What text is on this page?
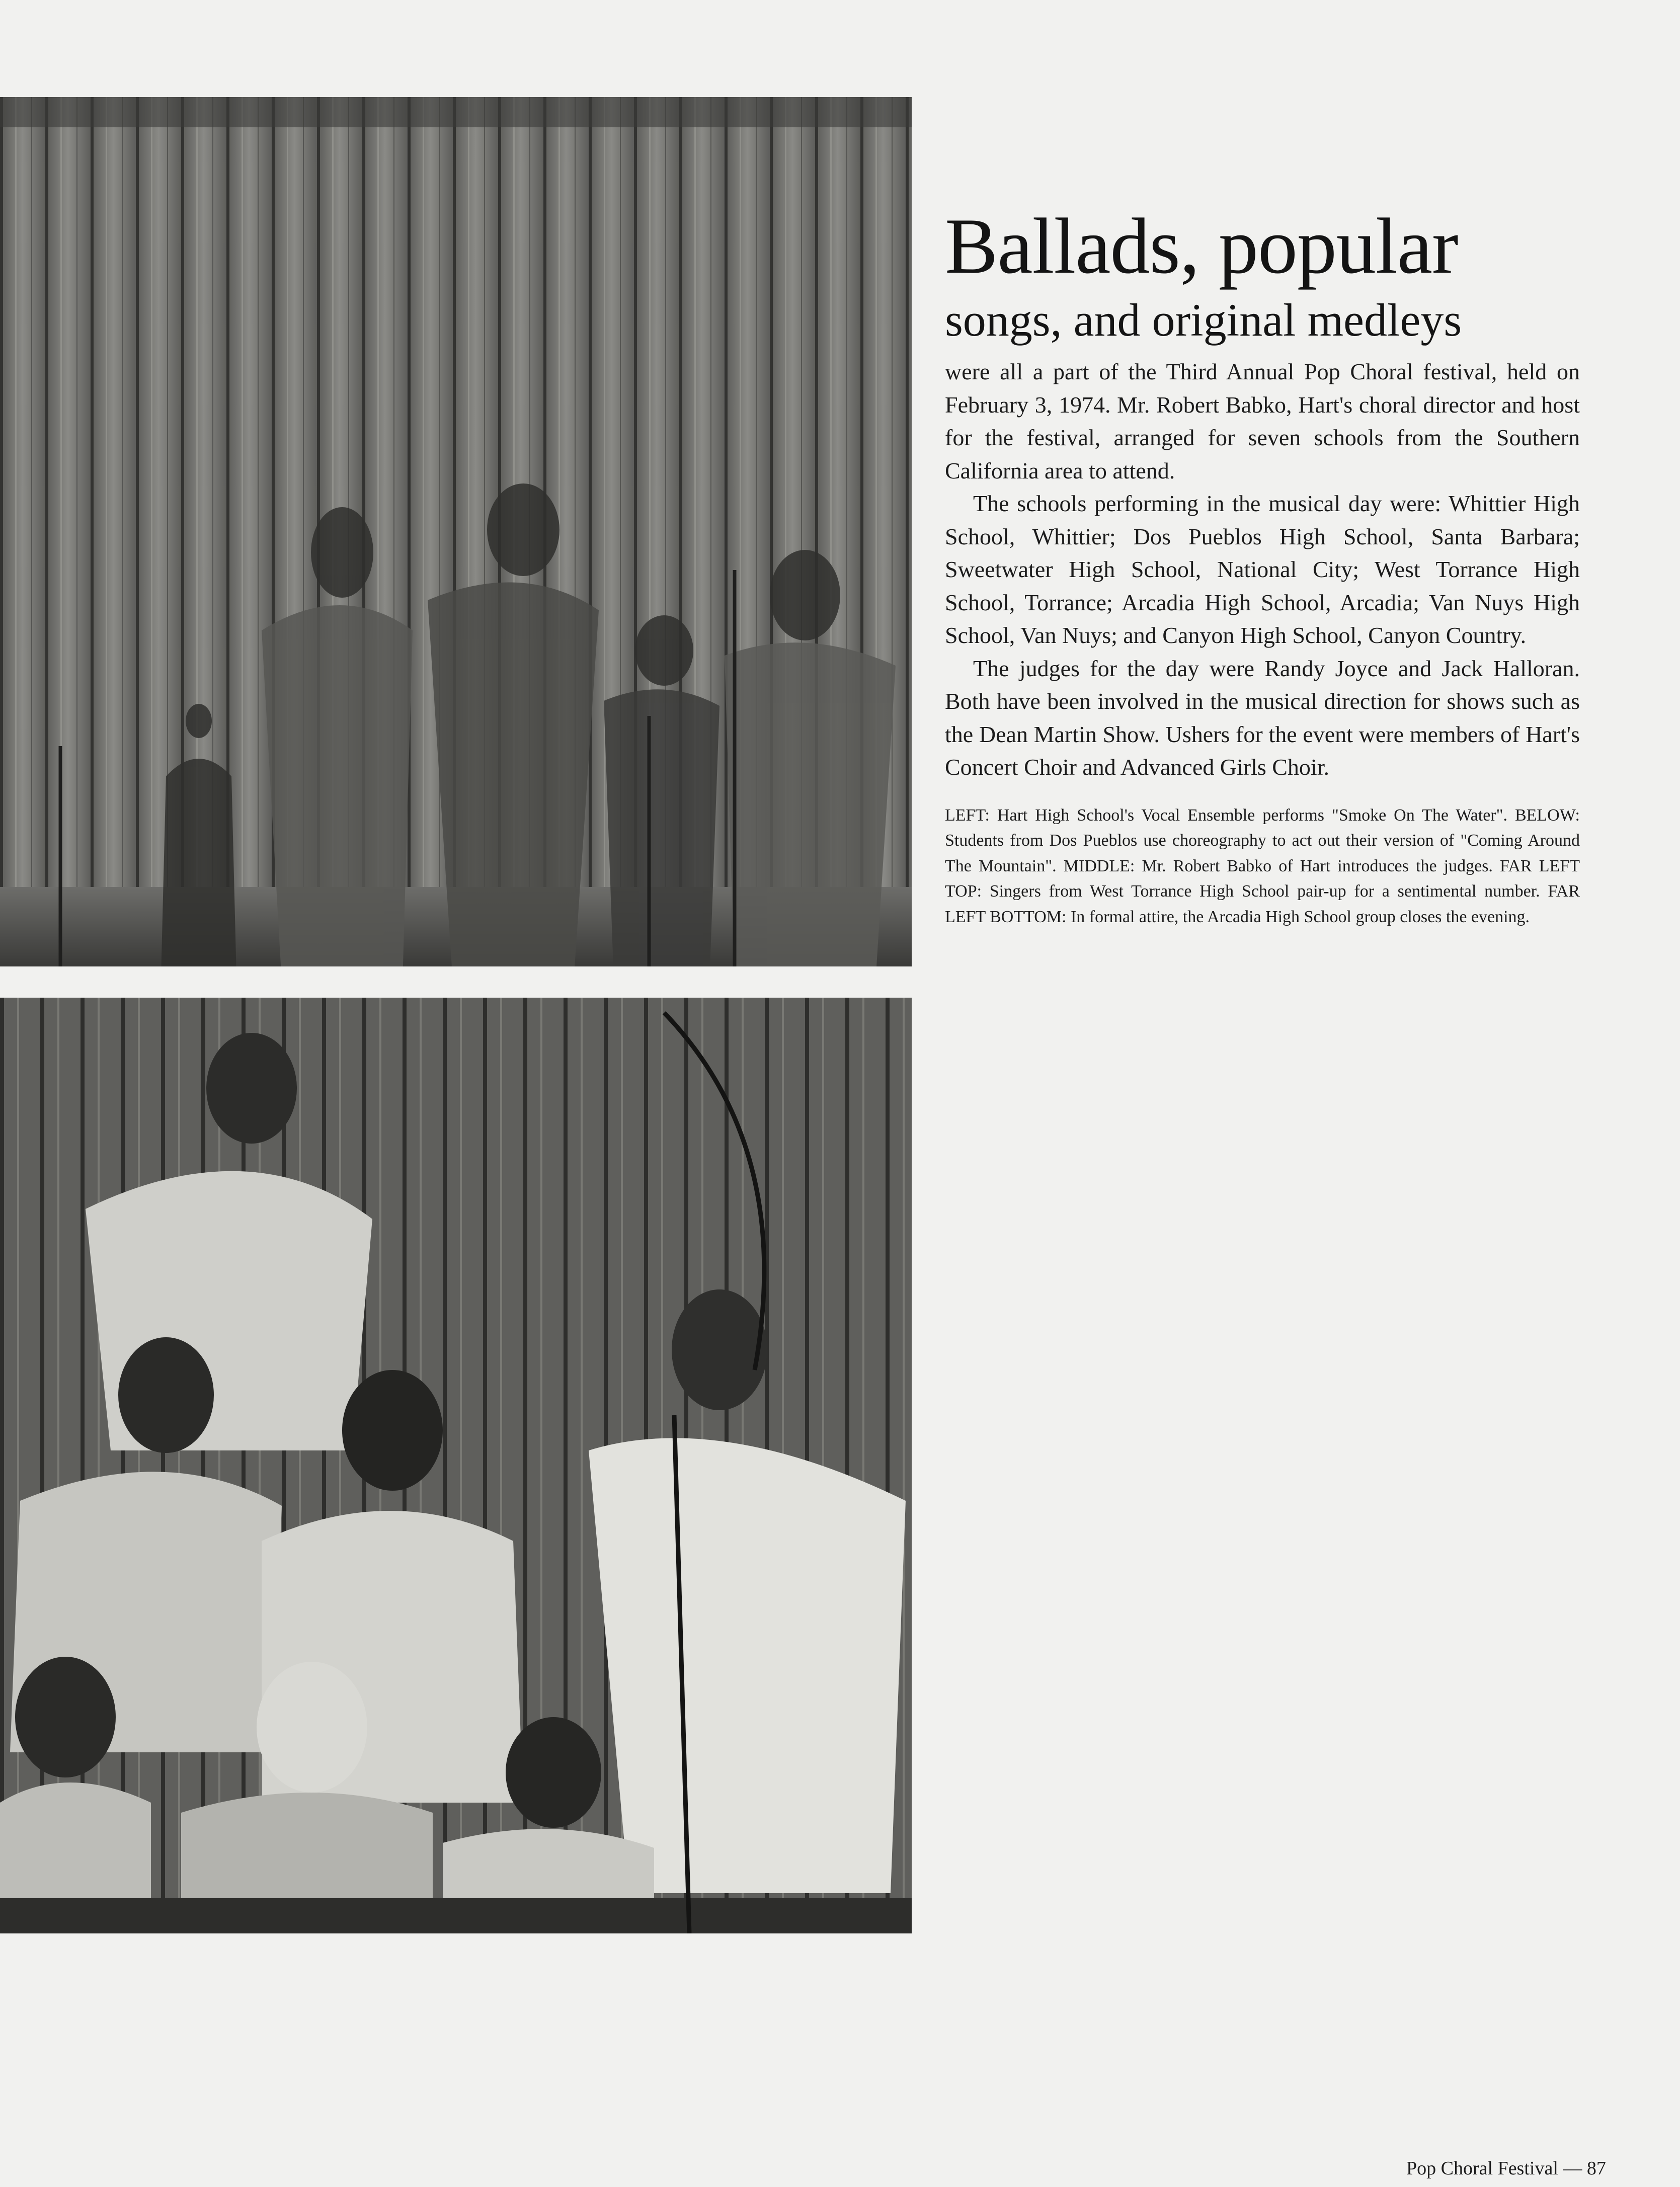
Ballads, popular
songs, and original medleys

were all a part of the Third Annual Pop Choral festival, held on February 3, 1974. Mr. Robert Babko, Hart's choral director and host for the festival, arranged for seven schools from the Southern California area to attend.

The schools performing in the musical day were: Whittier High School, Whittier; Dos Pueblos High School, Santa Barbara; Sweetwater High School, National City; West Torrance High School, Torrance; Arcadia High School, Arcadia; Van Nuys High School, Van Nuys; and Canyon High School, Canyon Country.

The judges for the day were Randy Joyce and Jack Halloran. Both have been involved in the musical direction for shows such as the Dean Martin Show. Ushers for the event were members of Hart's Concert Choir and Advanced Girls Choir.

LEFT: Hart High School's Vocal Ensemble performs "Smoke On The Water". BELOW: Students from Dos Pueblos use choreography to act out their version of "Coming Around The Mountain". MIDDLE: Mr. Robert Babko of Hart introduces the judges. FAR LEFT TOP: Singers from West Torrance High School pair-up for a sentimental number. FAR LEFT BOTTOM: In formal attire, the Arcadia High School group closes the evening.
Pop Choral Festival — 87
